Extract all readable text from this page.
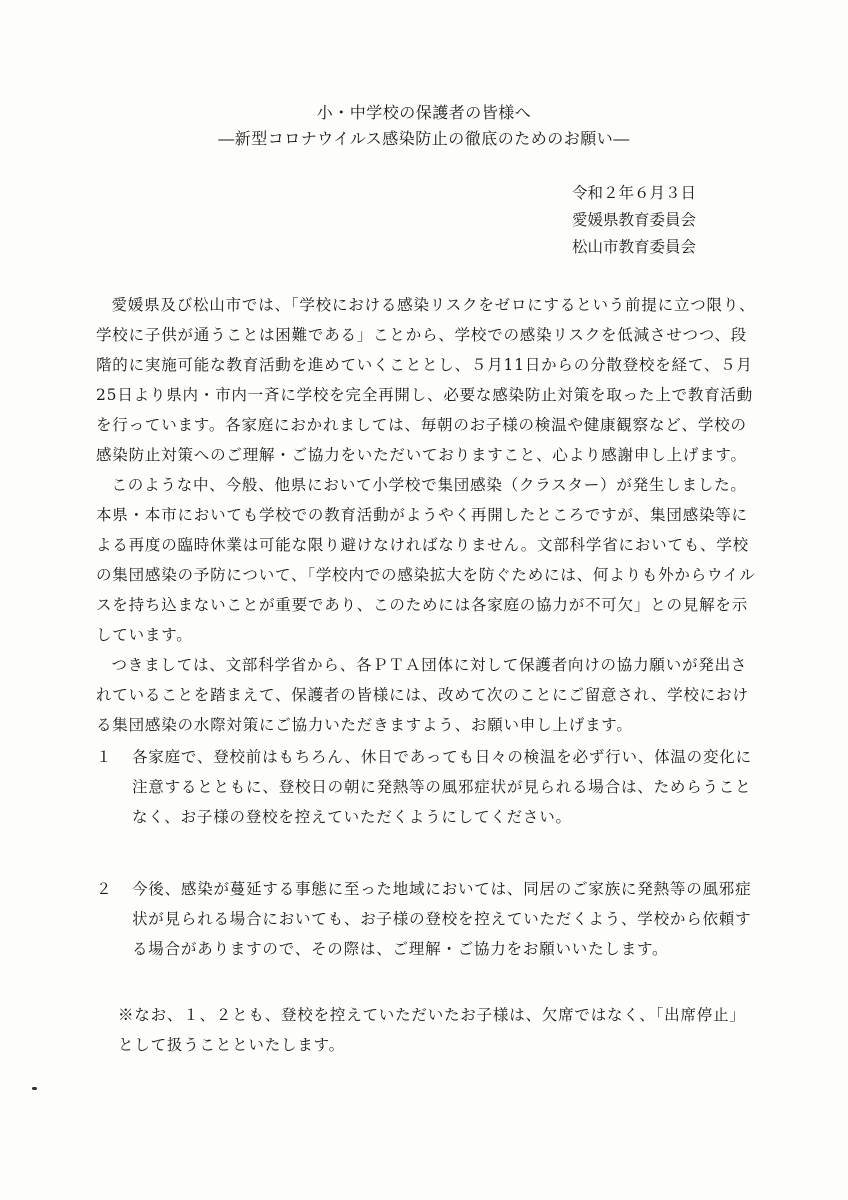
小・中学校の保護者の皆様へ

―新型コロナウイルス感染防止の徹底のためのお願い―

令和２年６月３日
愛媛県教育委員会
松山市教育委員会

愛媛県及び松山市では、「学校における感染リスクをゼロにするという前提に立つ限り、学校に子供が通うことは困難である」ことから、学校での感染リスクを低減させつつ、段階的に実施可能な教育活動を進めていくこととし、５月11日からの分散登校を経て、５月25日より県内・市内一斉に学校を完全再開し、必要な感染防止対策を取った上で教育活動を行っています。各家庭におかれましては、毎朝のお子様の検温や健康観察など、学校の感染防止対策へのご理解・ご協力をいただいておりますこと、心より感謝申し上げます。

このような中、今般、他県において小学校で集団感染（クラスター）が発生しました。本県・本市においても学校での教育活動がようやく再開したところですが、集団感染等による再度の臨時休業は可能な限り避けなければなりません。文部科学省においても、学校の集団感染の予防について、「学校内での感染拡大を防ぐためには、何よりも外からウイルスを持ち込まないことが重要であり、このためには各家庭の協力が不可欠」との見解を示しています。

つきましては、文部科学省から、各ＰＴＡ団体に対して保護者向けの協力願いが発出されていることを踏まえて、保護者の皆様には、改めて次のことにご留意され、学校における集団感染の水際対策にご協力いただきますよう、お願い申し上げます。

１ 各家庭で、登校前はもちろん、休日であっても日々の検温を必ず行い、体温の変化に注意するとともに、登校日の朝に発熱等の風邪症状が見られる場合は、ためらうことなく、お子様の登校を控えていただくようにしてください。

２ 今後、感染が蔓延する事態に至った地域においては、同居のご家族に発熱等の風邪症状が見られる場合においても、お子様の登校を控えていただくよう、学校から依頼する場合がありますので、その際は、ご理解・ご協力をお願いいたします。

※なお、１、２とも、登校を控えていただいたお子様は、欠席ではなく、「出席停止」として扱うことといたします。
